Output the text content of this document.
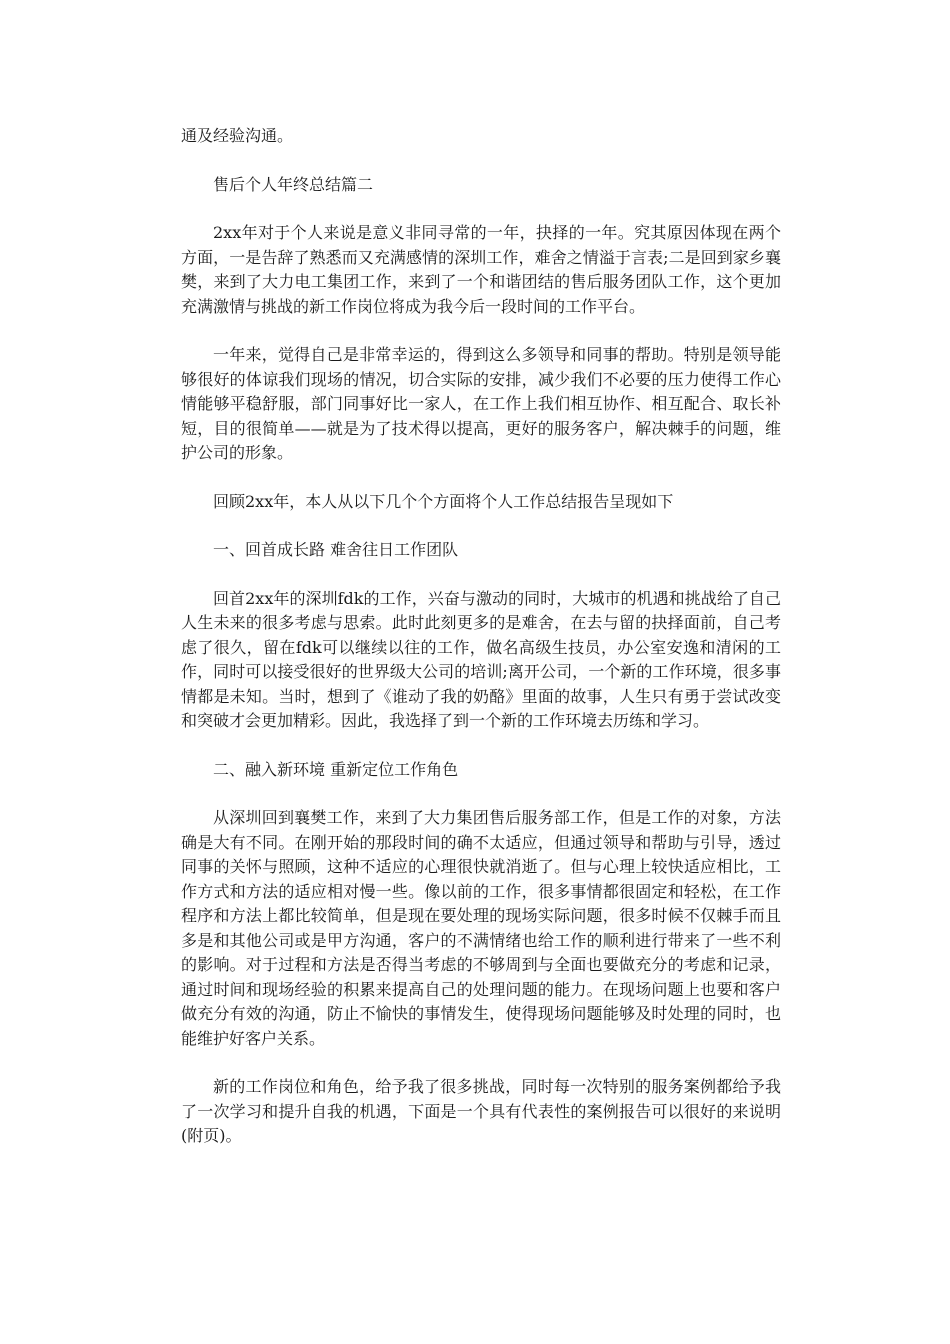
通及经验沟通。

售后个人年终总结篇二

2xx年对于个人来说是意义非同寻常的一年，抉择的一年。究其原因体现在两个方面，一是告辞了熟悉而又充满感情的深圳工作，难舍之情溢于言表;二是回到家乡襄樊，来到了大力电工集团工作，来到了一个和谐团结的售后服务团队工作，这个更加充满激情与挑战的新工作岗位将成为我今后一段时间的工作平台。

一年来，觉得自己是非常幸运的，得到这么多领导和同事的帮助。特别是领导能够很好的体谅我们现场的情况，切合实际的安排，减少我们不必要的压力使得工作心情能够平稳舒服，部门同事好比一家人，在工作上我们相互协作、相互配合、取长补短，目的很简单——就是为了技术得以提高，更好的服务客户，解决棘手的问题，维护公司的形象。

回顾2xx年，本人从以下几个个方面将个人工作总结报告呈现如下

一、回首成长路 难舍往日工作团队

回首2xx年的深圳fdk的工作，兴奋与激动的同时，大城市的机遇和挑战给了自己人生未来的很多考虑与思索。此时此刻更多的是难舍，在去与留的抉择面前，自己考虑了很久，留在fdk可以继续以往的工作，做名高级生技员，办公室安逸和清闲的工作，同时可以接受很好的世界级大公司的培训;离开公司，一个新的工作环境，很多事情都是未知。当时，想到了《谁动了我的奶酪》里面的故事，人生只有勇于尝试改变和突破才会更加精彩。因此，我选择了到一个新的工作环境去历练和学习。

二、融入新环境 重新定位工作角色

从深圳回到襄樊工作，来到了大力集团售后服务部工作，但是工作的对象，方法确是大有不同。在刚开始的那段时间的确不太适应，但通过领导和帮助与引导，透过同事的关怀与照顾，这种不适应的心理很快就消逝了。但与心理上较快适应相比，工作方式和方法的适应相对慢一些。像以前的工作，很多事情都很固定和轻松，在工作程序和方法上都比较简单，但是现在要处理的现场实际问题，很多时候不仅棘手而且多是和其他公司或是甲方沟通，客户的不满情绪也给工作的顺利进行带来了一些不利的影响。对于过程和方法是否得当考虑的不够周到与全面也要做充分的考虑和记录，通过时间和现场经验的积累来提高自己的处理问题的能力。在现场问题上也要和客户做充分有效的沟通，防止不愉快的事情发生，使得现场问题能够及时处理的同时，也能维护好客户关系。

新的工作岗位和角色，给予我了很多挑战，同时每一次特别的服务案例都给予我了一次学习和提升自我的机遇，下面是一个具有代表性的案例报告可以很好的来说明(附页)。
